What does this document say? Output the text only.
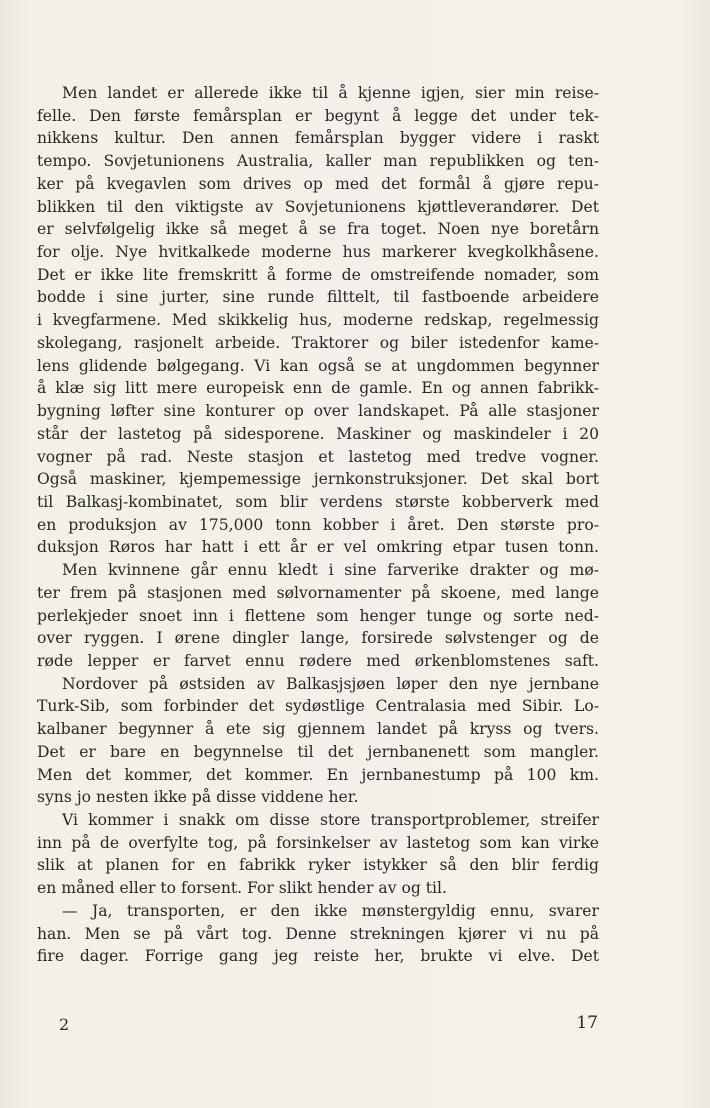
Men landet er allerede ikke til å kjenne igjen, sier min reise-
felle. Den første femårsplan er begynt å legge det under tek-
nikkens kultur. Den annen femårsplan bygger videre i raskt
tempo. Sovjetunionens Australia, kaller man republikken og ten-
ker på kvegavlen som drives op med det formål å gjøre repu-
blikken til den viktigste av Sovjetunionens kjøttleverandører. Det
er selvfølgelig ikke så meget å se fra toget. Noen nye boretårn
for olje. Nye hvitkalkede moderne hus markerer kvegkolkhåsene.
Det er ikke lite fremskritt å forme de omstreifende nomader, som
bodde i sine jurter, sine runde filttelt, til fastboende arbeidere
i kvegfarmene. Med skikkelig hus, moderne redskap, regelmessig
skolegang, rasjonelt arbeide. Traktorer og biler istedenfor kame-
lens glidende bølgegang. Vi kan også se at ungdommen begynner
å klæ sig litt mere europeisk enn de gamle. En og annen fabrikk-
bygning løfter sine konturer op over landskapet. På alle stasjoner
står der lastetog på sidesporene. Maskiner og maskindeler i 20
vogner på rad. Neste stasjon et lastetog med tredve vogner.
Også maskiner, kjempemessige jernkonstruksjoner. Det skal bort
til Balkasj-kombinatet, som blir verdens største kobberverk med
en produksjon av 175,000 tonn kobber i året. Den største pro-
duksjon Røros har hatt i ett år er vel omkring etpar tusen tonn.
Men kvinnene går ennu kledt i sine farverike drakter og mø-
ter frem på stasjonen med sølvornamenter på skoene, med lange
perlekjeder snoet inn i flettene som henger tunge og sorte ned-
over ryggen. I ørene dingler lange, forsirede sølvstenger og de
røde lepper er farvet ennu rødere med ørkenblomstenes saft.
Nordover på østsiden av Balkasjsjøen løper den nye jernbane
Turk-Sib, som forbinder det sydøstlige Centralasia med Sibir. Lo-
kalbaner begynner å ete sig gjennem landet på kryss og tvers.
Det er bare en begynnelse til det jernbanenett som mangler.
Men det kommer, det kommer. En jernbanestump på 100 km.
syns jo nesten ikke på disse viddene her.
Vi kommer i snakk om disse store transportproblemer, streifer
inn på de overfylte tog, på forsinkelser av lastetog som kan virke
slik at planen for en fabrikk ryker istykker så den blir ferdig
en måned eller to forsent. For slikt hender av og til.
— Ja, transporten, er den ikke mønstergyldig ennu, svarer
han. Men se på vårt tog. Denne strekningen kjører vi nu på
fire dager. Forrige gang jeg reiste her, brukte vi elve. Det
2	17
